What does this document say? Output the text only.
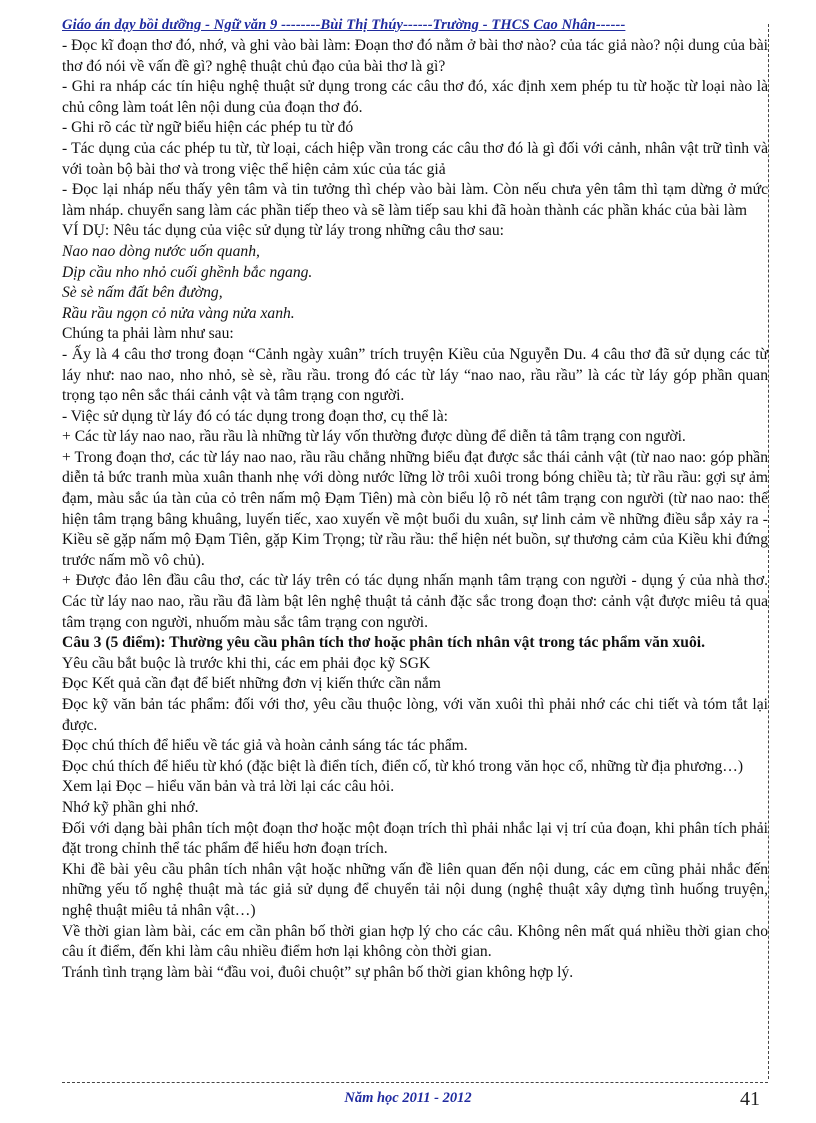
Giáo án dạy bồi dưỡng - Ngữ văn 9 --------Bùi Thị Thúy------Trường - THCS Cao Nhân------

- Đọc kĩ đoạn thơ đó, nhớ, và ghi vào bài làm: Đoạn thơ đó nằm ở bài thơ nào? của tác giả nào? nội dung của bài thơ đó nói về vấn đề gì? nghệ thuật chủ đạo của bài thơ là gì?

- Ghi ra nháp các tín hiệu nghệ thuật sử dụng trong các câu thơ đó, xác định xem phép tu từ hoặc từ loại nào là chủ công làm toát lên nội dung của đoạn thơ đó.

- Ghi rõ các từ ngữ biểu hiện các phép tu từ đó

- Tác dụng của các phép tu từ, từ loại, cách hiệp vần trong các câu thơ đó là gì đối với cảnh, nhân vật trữ tình và với toàn bộ bài thơ và trong việc thể hiện cảm xúc của tác giả

- Đọc lại nháp nếu thấy yên tâm và tin tưởng thì chép vào bài làm. Còn nếu chưa yên tâm thì tạm dừng ở mức làm nháp. chuyển sang làm các phần tiếp theo và sẽ làm tiếp sau khi đã hoàn thành các phần khác của bài làm

VÍ DỤ: Nêu tác dụng của việc sử dụng từ láy trong những câu thơ sau:

Nao nao dòng nước uốn quanh,

Dịp cầu nho nhỏ cuối ghềnh bắc ngang.

Sè sè nấm đất bên đường,

Rầu rầu ngọn cỏ nửa vàng nửa xanh.

Chúng ta phải làm như sau:

- Ấy là 4 câu thơ trong đoạn “Cảnh ngày xuân” trích truyện Kiều của Nguyễn Du. 4 câu thơ đã sử dụng các từ láy như: nao nao, nho nhỏ, sè sè, rầu rầu. trong đó các từ láy “nao nao, rầu rầu” là các từ láy góp phần quan trọng tạo nên sắc thái cảnh vật và tâm trạng con người.

- Việc sử dụng từ láy đó có tác dụng trong đoạn thơ, cụ thể là:

+ Các từ láy nao nao, rầu rầu là những từ láy vốn thường được dùng để diễn tả tâm trạng con người.

+ Trong đoạn thơ, các từ láy nao nao, rầu rầu chẳng những biểu đạt được sắc thái cảnh vật (từ nao nao: góp phần diễn tả bức tranh mùa xuân thanh nhẹ với dòng nước lững lờ trôi xuôi trong bóng chiều tà; từ rầu rầu: gợi sự ảm đạm, màu sắc úa tàn của cỏ trên nấm mộ Đạm Tiên) mà còn biểu lộ rõ nét tâm trạng con người (từ nao nao: thể hiện tâm trạng bâng khuâng, luyến tiếc, xao xuyến về một buổi du xuân, sự linh cảm về những điều sắp xảy ra - Kiều sẽ gặp nấm mộ Đạm Tiên, gặp Kim Trọng; từ rầu rầu: thể hiện nét buồn, sự thương cảm của Kiều khi đứng trước nấm mồ vô chủ).

+ Được đảo lên đầu câu thơ, các từ láy trên có tác dụng nhấn mạnh tâm trạng con người - dụng ý của nhà thơ. Các từ láy nao nao, rầu rầu đã làm bật lên nghệ thuật tả cảnh đặc sắc trong đoạn thơ: cảnh vật được miêu tả qua tâm trạng con người, nhuốm màu sắc tâm trạng con người.

Câu 3 (5 điểm): Thường yêu cầu phân tích thơ hoặc phân tích nhân vật trong tác phẩm văn xuôi.

Yêu cầu bắt buộc là trước khi thi, các em phải đọc kỹ SGK

Đọc Kết quả cần đạt để biết những đơn vị kiến thức cần nắm

Đọc kỹ văn bản tác phẩm: đối với thơ, yêu cầu thuộc lòng, với văn xuôi thì phải nhớ các chi tiết và tóm tắt lại được.

Đọc chú thích để hiểu về tác giả và hoàn cảnh sáng tác tác phẩm.

Đọc chú thích để hiểu từ khó (đặc biệt là điển tích, điển cố, từ khó trong văn học cổ, những từ địa phương…)

Xem lại Đọc – hiểu văn bản và trả lời lại các câu hỏi.

Nhớ kỹ phần ghi nhớ.

Đối với dạng bài phân tích một đoạn thơ hoặc một đoạn trích thì phải nhắc lại vị trí của đoạn, khi phân tích phải đặt trong chỉnh thể tác phẩm để hiểu hơn đoạn trích.

Khi đề bài yêu cầu phân tích nhân vật hoặc những vấn đề liên quan đến nội dung, các em cũng phải nhắc đến những yếu tố nghệ thuật mà tác giả sử dụng để chuyển tải nội dung (nghệ thuật xây dựng tình huống truyện, nghệ thuật miêu tả nhân vật…)

Về thời gian làm bài, các em cần phân bố thời gian hợp lý cho các câu. Không nên mất quá nhiều thời gian cho câu ít điểm, đến khi làm câu nhiều điểm hơn lại không còn thời gian.

Tránh tình trạng làm bài “đầu voi, đuôi chuột” sự phân bố thời gian không hợp lý.

Năm học 2011 - 2012	41
